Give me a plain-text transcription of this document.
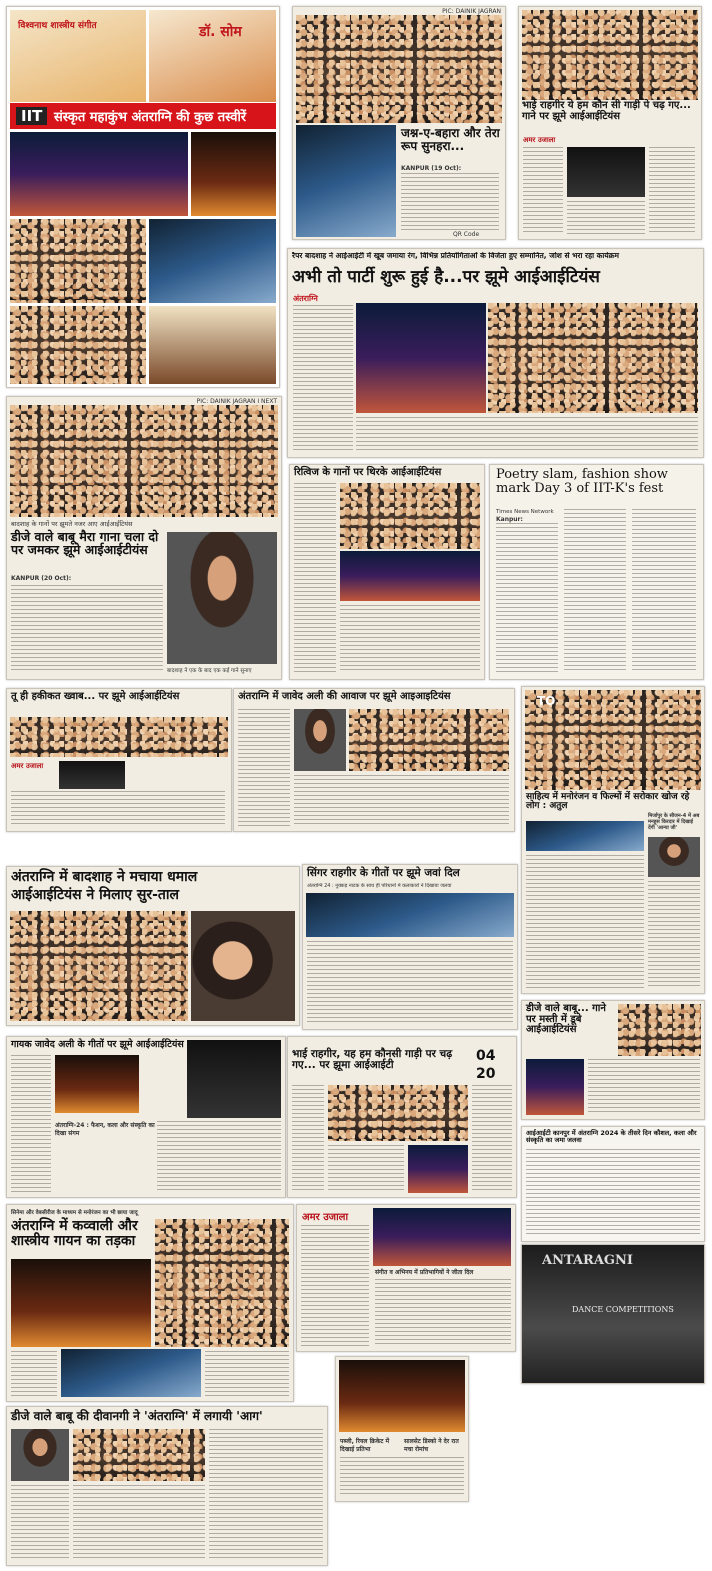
विश्वनाथ शास्त्रीय संगीत	डॉ. सोम
IIT संस्कृत महाकुंभ अंतराग्नि की कुछ तस्वीरें
PIC: DAINIK JAGRAN
जश्न-ए-बहारा और तेरा रूप सुनहरा...
KANPUR (19 Oct):
QR Code
भाई राहगीर ये हम कौन सी गाड़ी पे चढ़ गए... गाने पर झूमे आईआईटियंस
अमर उजाला
रैपर बादशाह ने आईआईटी में खूब जमाया रंग, विभिन्न प्रतियोगिताओं के विजेता हुए सम्मानित, जोश से भरा रहा कार्यक्रम
अभी तो पार्टी शुरू हुई है...पर झूमे आईआईटियंस
अंतराग्नि
PIC: DAINIK JAGRAN I NEXT
बादशाह के गानों पर झूमते नजर आए आईआईटियंस
डीजे वाले बाबू मैरा गाना चला दो पर जमकर झूमे आईआईटीयंस
KANPUR (20 Oct):
बादशाह ने एक के बाद एक कई गाने सुनाए
रित्विज के गानों पर थिरके आईआईटियंस	Poetry slam, fashion show mark Day 3 of IIT-K's fest
Times News Network
Kanpur:
तू ही हकीकत ख्वाब... पर झूमे आईआईटियंस
अमर उजाला
अंतराग्नि में जावेद अली की आवाज पर झूमे आइआइटियंस	TO
साहित्य में मनोरंजन व फिल्मों में सरोकार खोज रहे लोग : अतुल
मिर्जापुर के सीजन-4 में अब मनहूस किरदार में दिखाई देंगी 'आन्या जी'
अंतराग्नि में बादशाह ने मचाया धमाल
आईआईटियंस ने मिलाए सुर-ताल
सिंगर राहगीर के गीतों पर झूमे जवां दिल
अंतराग्नि 24 : नुक्कड़ नाटक के साथ ही परिधानों में कलाकारों ने दिखाया जलवा
डीजे वाले बाबू... गाने पर मस्ती में डूबे आईआईटियंस
गायक जावेद अली के गीतों पर झूमे आईआईटियंस
अंतराग्नि-24 : फैशन, कला और संस्कृति का दिखा संगम
भाई राहगीर, यह हम कौनसी गाड़ी पर चढ़ गए... पर झूमा आईआईटी
04
20
आईआईटी कानपुर में अंतराग्नि 2024 के तीसरे दिन कौशल, कला और संस्कृति का जमा जलवा
सिनेमा और वेबसीरीज के माध्यम से मनोरंजन का भी छाया जादू
अंतराग्नि में कव्वाली और शास्त्रीय गायन का तड़का
अमर उजाला
संगीत व अभिनय में प्रतिभागियों ने जीता दिल
ANTARAGNI
DANCE COMPETITIONS
पब्जी, रियल क्रिकेट में दिखाई प्रतिभा
सालसेट डिस्को ने देर रात मचा रोमांच
डीजे वाले बाबू की दीवानगी ने 'अंतराग्नि' में लगायी 'आग'
